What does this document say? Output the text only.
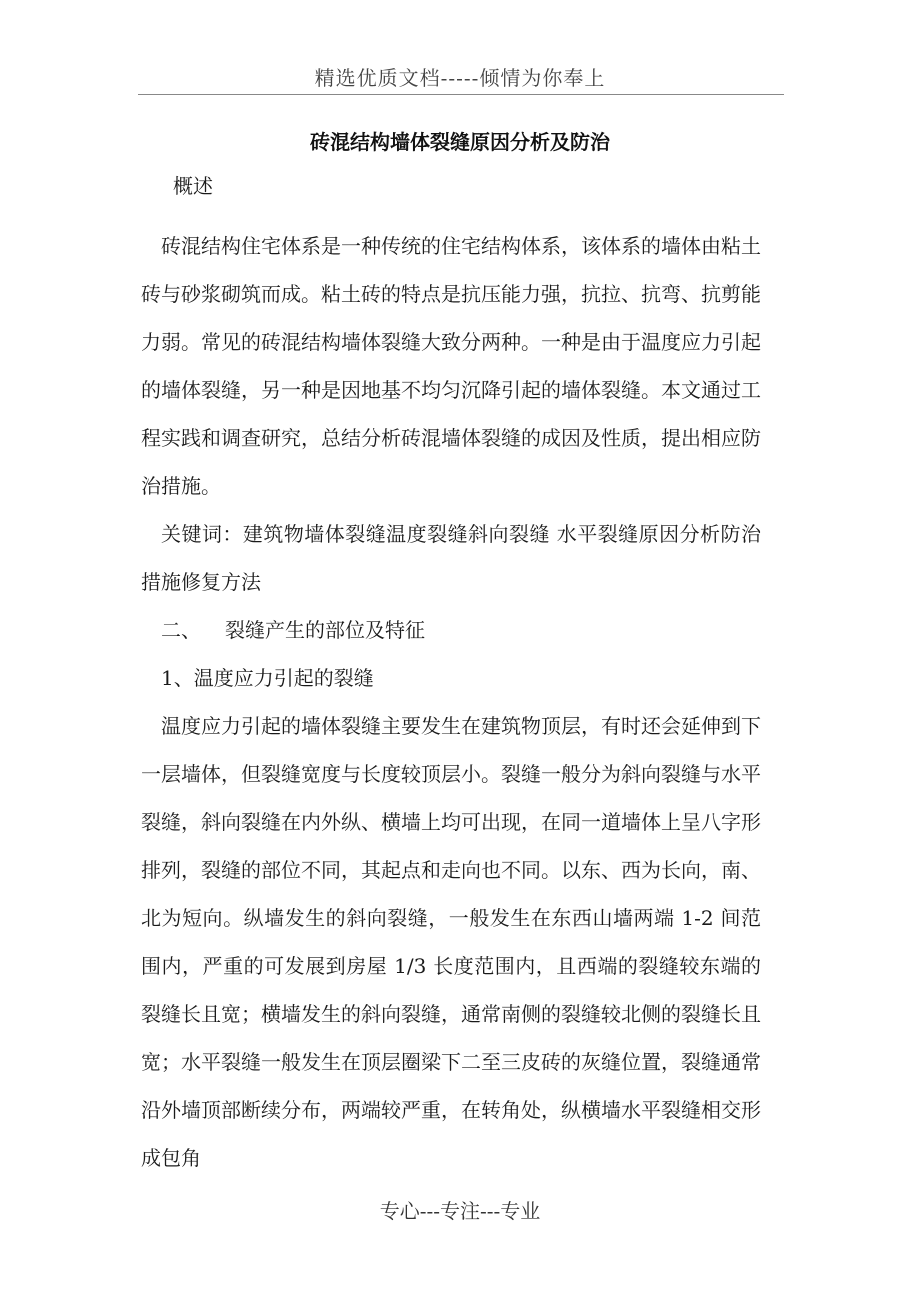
精选优质文档-----倾情为你奉上
砖混结构墙体裂缝原因分析及防治

概述

砖混结构住宅体系是一种传统的住宅结构体系，该体系的墙体由粘土砖与砂浆砌筑而成。粘土砖的特点是抗压能力强，抗拉、抗弯、抗剪能力弱。常见的砖混结构墙体裂缝大致分两种。一种是由于温度应力引起的墙体裂缝，另一种是因地基不均匀沉降引起的墙体裂缝。本文通过工程实践和调查研究，总结分析砖混墙体裂缝的成因及性质，提出相应防治措施。

关键词：建筑物墙体裂缝温度裂缝斜向裂缝 水平裂缝原因分析防治措施修复方法

二、 裂缝产生的部位及特征

1、温度应力引起的裂缝

温度应力引起的墙体裂缝主要发生在建筑物顶层，有时还会延伸到下一层墙体，但裂缝宽度与长度较顶层小。裂缝一般分为斜向裂缝与水平裂缝，斜向裂缝在内外纵、横墙上均可出现，在同一道墙体上呈八字形排列，裂缝的部位不同，其起点和走向也不同。以东、西为长向，南、北为短向。纵墙发生的斜向裂缝，一般发生在东西山墙两端 1-2 间范围内，严重的可发展到房屋 1/3 长度范围内，且西端的裂缝较东端的裂缝长且宽；横墙发生的斜向裂缝，通常南侧的裂缝较北侧的裂缝长且宽；水平裂缝一般发生在顶层圈梁下二至三皮砖的灰缝位置，裂缝通常沿外墙顶部断续分布，两端较严重，在转角处，纵横墙水平裂缝相交形成包角

专心---专注---专业
